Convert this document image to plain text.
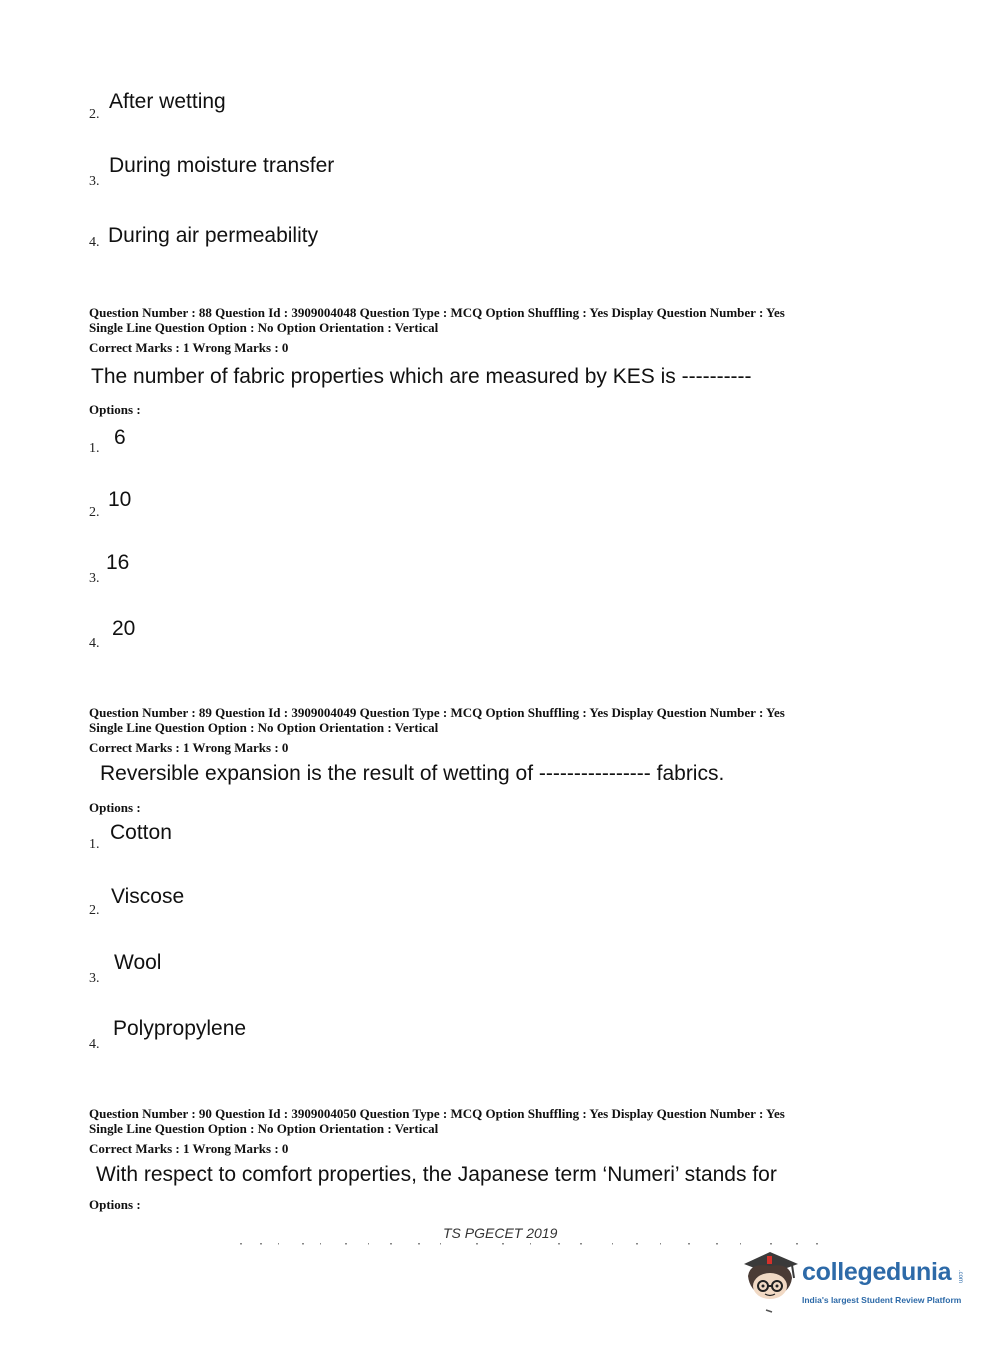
2.
After wetting
3.
During moisture transfer
4. During air permeability
Question Number : 88 Question Id : 3909004048 Question Type : MCQ Option Shuffling : Yes Display Question Number : Yes
Single Line Question Option : No Option Orientation : Vertical
Correct Marks : 1 Wrong Marks : 0
The number of fabric properties which are measured by KES is ----------
Options :
1. 6
2.
10
3.
16
4.
20
Question Number : 89 Question Id : 3909004049 Question Type : MCQ Option Shuffling : Yes Display Question Number : Yes
Single Line Question Option : No Option Orientation : Vertical
Correct Marks : 1 Wrong Marks : 0
Reversible expansion is the result of wetting of ---------------- fabrics.
Options :
1.
Cotton
2.
Viscose
3.
Wool
4.
Polypropylene
Question Number : 90 Question Id : 3909004050 Question Type : MCQ Option Shuffling : Yes Display Question Number : Yes
Single Line Question Option : No Option Orientation : Vertical
Correct Marks : 1 Wrong Marks : 0
With respect to comfort properties, the Japanese term ‘Numeri’ stands for
Options :
TS PGECET 2019
collegedunia .com
India's largest Student Review Platform
